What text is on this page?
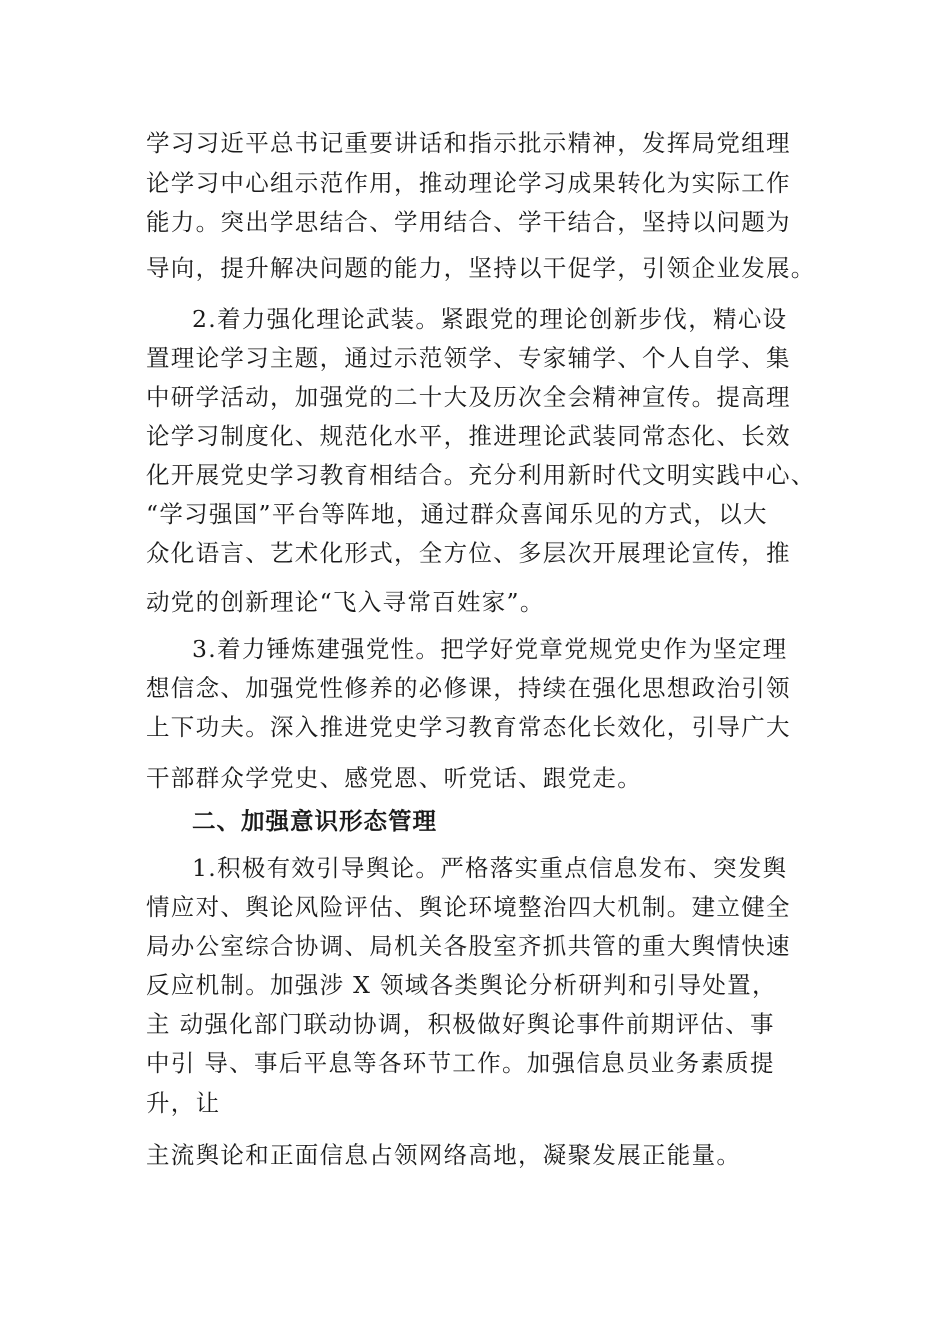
学习习近平总书记重要讲话和指示批示精神，发挥局党组理
论学习中心组示范作用，推动理论学习成果转化为实际工作
能力。突出学思结合、学用结合、学干结合，坚持以问题为
导向，提升解决问题的能力，坚持以干促学，引领企业发展。
2.着力强化理论武装。紧跟党的理论创新步伐，精心设
置理论学习主题，通过示范领学、专家辅学、个人自学、集
中研学活动，加强党的二十大及历次全会精神宣传。提高理
论学习制度化、规范化水平，推进理论武装同常态化、长效
化开展党史学习教育相结合。充分利用新时代文明实践中心、
“学习强国”平台等阵地，通过群众喜闻乐见的方式，以大
众化语言、艺术化形式，全方位、多层次开展理论宣传，推
动党的创新理论“飞入寻常百姓家”。
3.着力锤炼建强党性。把学好党章党规党史作为坚定理
想信念、加强党性修养的必修课，持续在强化思想政治引领
上下功夫。深入推进党史学习教育常态化长效化，引导广大
干部群众学党史、感党恩、听党话、跟党走。
二、加强意识形态管理
1.积极有效引导舆论。严格落实重点信息发布、突发舆
情应对、舆论风险评估、舆论环境整治四大机制。建立健全
局办公室综合协调、局机关各股室齐抓共管的重大舆情快速
反应机制。加强涉 X 领域各类舆论分析研判和引导处置，
主 动强化部门联动协调，积极做好舆论事件前期评估、事
中引 导、事后平息等各环节工作。加强信息员业务素质提
升，让
主流舆论和正面信息占领网络高地，凝聚发展正能量。
